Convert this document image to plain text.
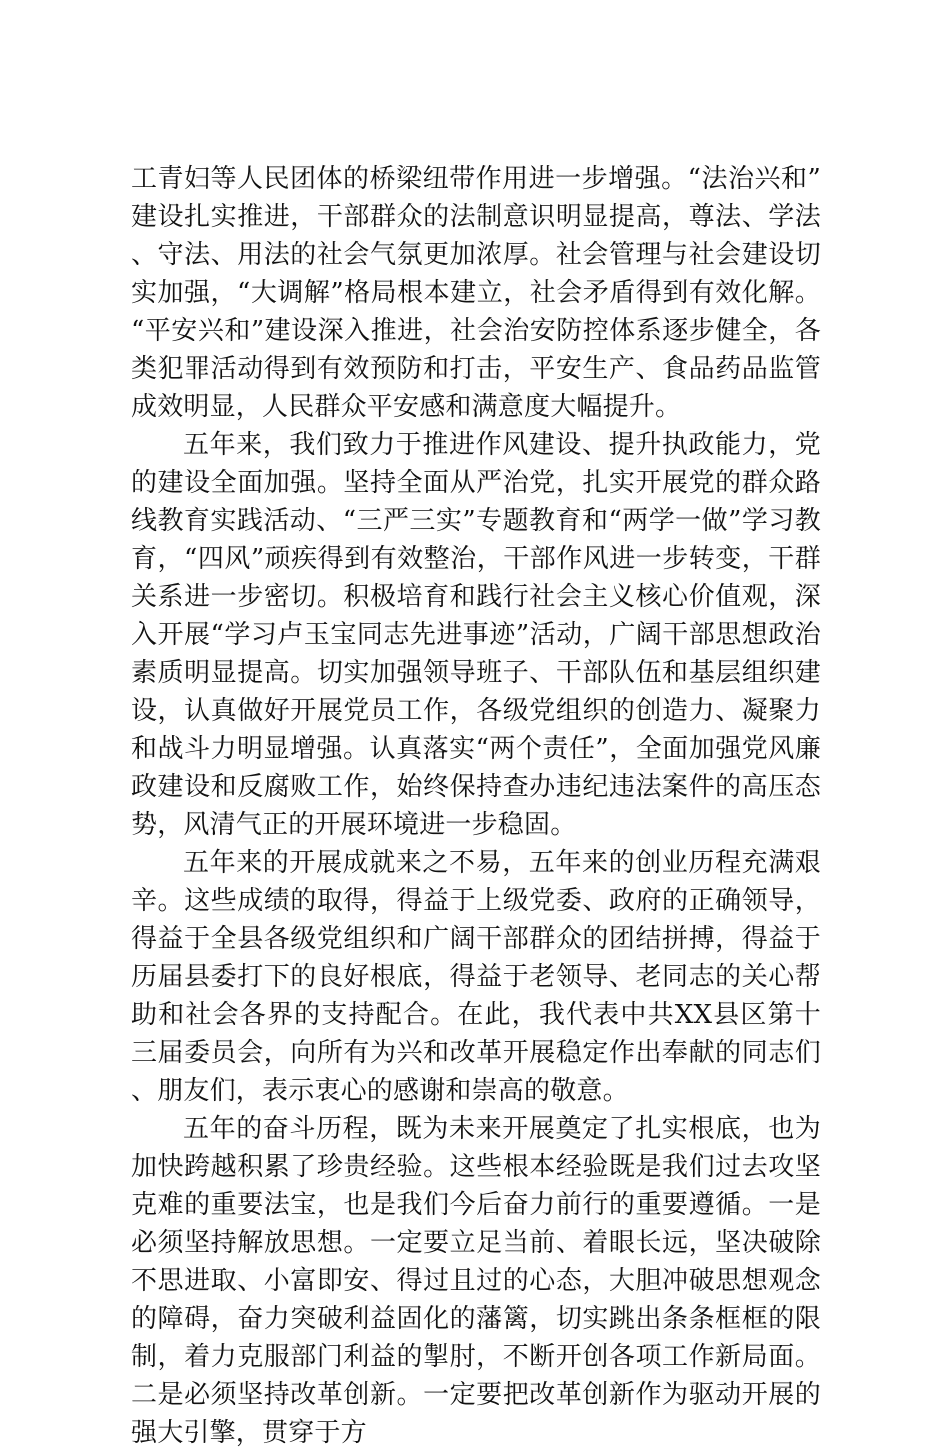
工青妇等人民团体的桥梁纽带作用进一步增强。“法治兴和”建设扎实推进，干部群众的法制意识明显提高，尊法、学法、守法、用法的社会气氛更加浓厚。社会管理与社会建设切实加强，“大调解”格局根本建立，社会矛盾得到有效化解。“平安兴和”建设深入推进，社会治安防控体系逐步健全，各类犯罪活动得到有效预防和打击，平安生产、食品药品监管成效明显，人民群众平安感和满意度大幅提升。

五年来，我们致力于推进作风建设、提升执政能力，党的建设全面加强。坚持全面从严治党，扎实开展党的群众路线教育实践活动、“三严三实”专题教育和“两学一做”学习教育，“四风”顽疾得到有效整治，干部作风进一步转变，干群关系进一步密切。积极培育和践行社会主义核心价值观，深入开展“学习卢玉宝同志先进事迹”活动，广阔干部思想政治素质明显提高。切实加强领导班子、干部队伍和基层组织建设，认真做好开展党员工作，各级党组织的创造力、凝聚力和战斗力明显增强。认真落实“两个责任”，全面加强党风廉政建设和反腐败工作，始终保持查办违纪违法案件的高压态势，风清气正的开展环境进一步稳固。

五年来的开展成就来之不易，五年来的创业历程充满艰辛。这些成绩的取得，得益于上级党委、政府的正确领导，得益于全县各级党组织和广阔干部群众的团结拼搏，得益于历届县委打下的良好根底，得益于老领导、老同志的关心帮助和社会各界的支持配合。在此，我代表中共XX县区第十三届委员会，向所有为兴和改革开展稳定作出奉献的同志们、朋友们，表示衷心的感谢和崇高的敬意。

五年的奋斗历程，既为未来开展奠定了扎实根底，也为加快跨越积累了珍贵经验。这些根本经验既是我们过去攻坚克难的重要法宝，也是我们今后奋力前行的重要遵循。一是必须坚持解放思想。一定要立足当前、着眼长远，坚决破除不思进取、小富即安、得过且过的心态，大胆冲破思想观念的障碍，奋力突破利益固化的藩篱，切实跳出条条框框的限制，着力克服部门利益的掣肘，不断开创各项工作新局面。二是必须坚持改革创新。一定要把改革创新作为驱动开展的强大引擎，贯穿于方
